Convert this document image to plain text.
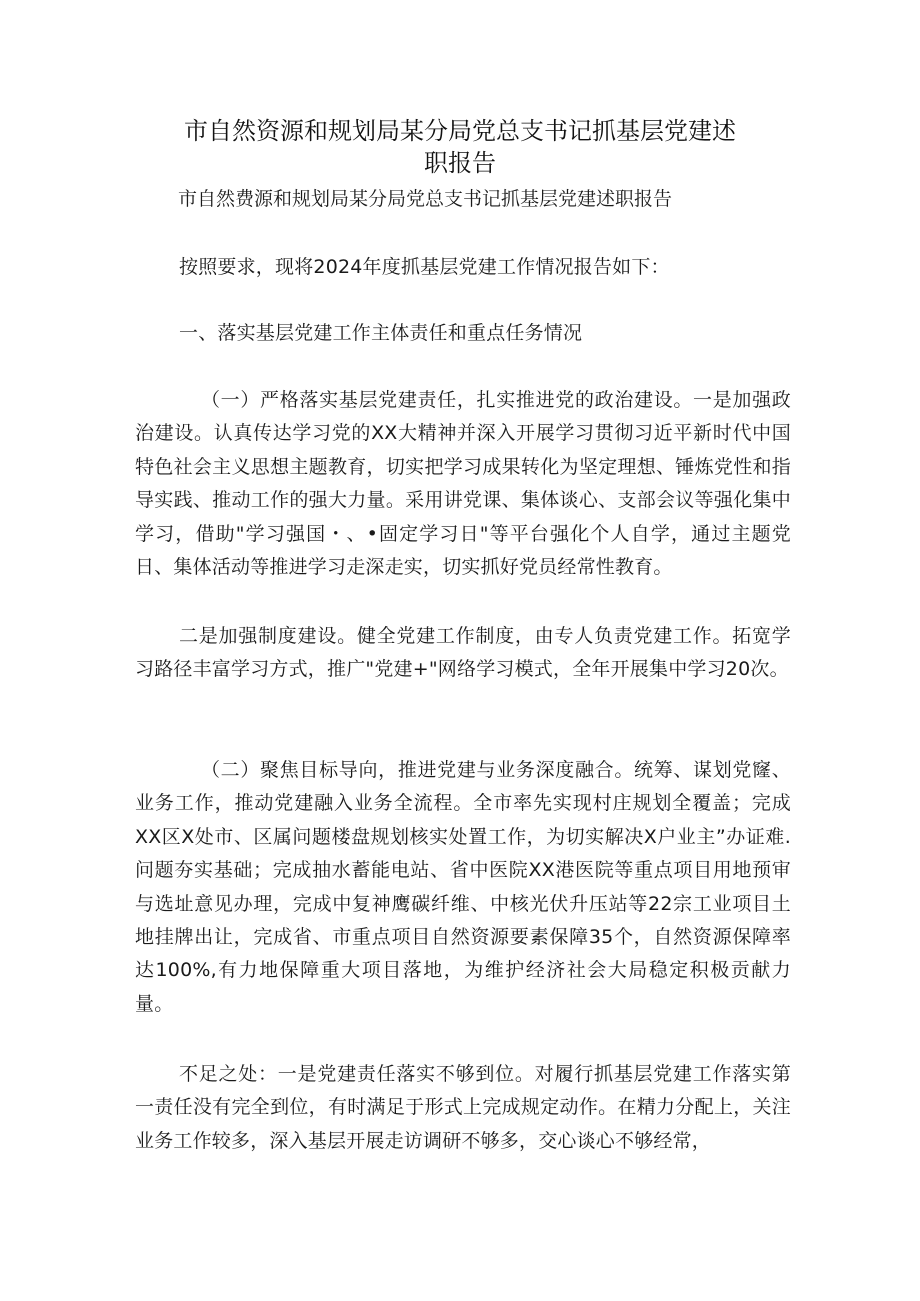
市自然资源和规划局某分局党总支书记抓基层党建述
职报告
市自然费源和规划局某分局党总支书记抓基层党建述职报告
按照要求，现将2024年度抓基层党建工作情况报告如下：
一、落实基层党建工作主体责任和重点任务情况
（一）严格落实基层党建责任，扎实推进党的政治建设。一是加强政治建设。认真传达学习党的XX大精神并深入开展学习贯彻习近平新时代中国特色社会主义思想主题教育，切实把学习成果转化为坚定理想、锤炼党性和指导实践、推动工作的强大力量。采用讲党课、集体谈心、支部会议等强化集中学习，借助"学习强国・、•固定学习日"等平台强化个人自学，通过主题党日、集体活动等推进学习走深走实，切实抓好党员经常性教育。
二是加强制度建设。健全党建工作制度，由专人负责党建工作。拓宽学习路径丰富学习方式，推广"党建+"网络学习模式，全年开展集中学习20次。
（二）聚焦目标导向，推进党建与业务深度融合。统筹、谋划党窿、业务工作，推动党建融入业务全流程。全市率先实现村庄规划全覆盖；完成XX区X处市、区属问题楼盘规划核实处置工作，为切实解决X户业主”办证难.问题夯实基础；完成抽水蓄能电站、省中医院XX港医院等重点项目用地预审与选址意见办理，完成中复神鹰碳纤维、中核光伏升压站等22宗工业项目土地挂牌出让，完成省、市重点项目自然资源要素保障35个，自然资源保障率达100%,有力地保障重大项目落地，为维护经济社会大局稳定积极贡献力量。
不足之处：一是党建责任落实不够到位。对履行抓基层党建工作落实第一责任没有完全到位，有时满足于形式上完成规定动作。在精力分配上，关注业务工作较多，深入基层开展走访调研不够多，交心谈心不够经常，
